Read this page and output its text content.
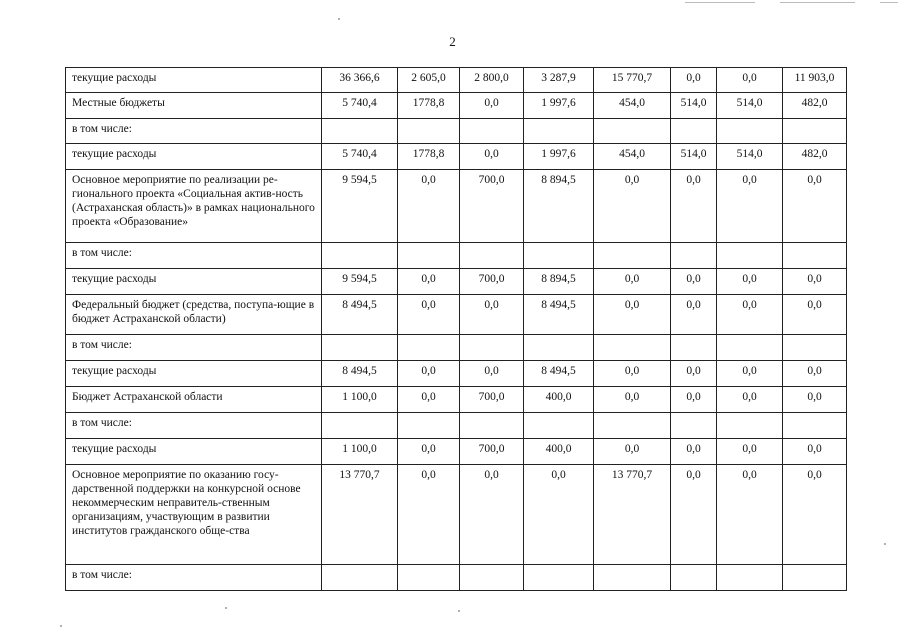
2
текущие расходы	36 366,6	2 605,0	2 800,0	3 287,9	15 770,7	0,0	0,0	11 903,0
Местные бюджеты	5 740,4	1778,8	0,0	1 997,6	454,0	514,0	514,0	482,0
в том числе:								
текущие расходы	5 740,4	1778,8	0,0	1 997,6	454,0	514,0	514,0	482,0
Основное мероприятие по реализации ре-гионального проекта «Социальная актив-ность (Астраханская область)» в рамках национального проекта «Образование»	9 594,5	0,0	700,0	8 894,5	0,0	0,0	0,0	0,0
в том числе:								
текущие расходы	9 594,5	0,0	700,0	8 894,5	0,0	0,0	0,0	0,0
Федеральный бюджет (средства, поступа-ющие в бюджет Астраханской области)	8 494,5	0,0	0,0	8 494,5	0,0	0,0	0,0	0,0
в том числе:								
текущие расходы	8 494,5	0,0	0,0	8 494,5	0,0	0,0	0,0	0,0
Бюджет Астраханской области	1 100,0	0,0	700,0	400,0	0,0	0,0	0,0	0,0
в том числе:								
текущие расходы	1 100,0	0,0	700,0	400,0	0,0	0,0	0,0	0,0
Основное мероприятие по оказанию госу-дарственной поддержки на конкурсной основе некоммерческим неправитель-ственным организациям, участвующим в развитии институтов гражданского обще-ства	13 770,7	0,0	0,0	0,0	13 770,7	0,0	0,0	0,0
в том числе:								
